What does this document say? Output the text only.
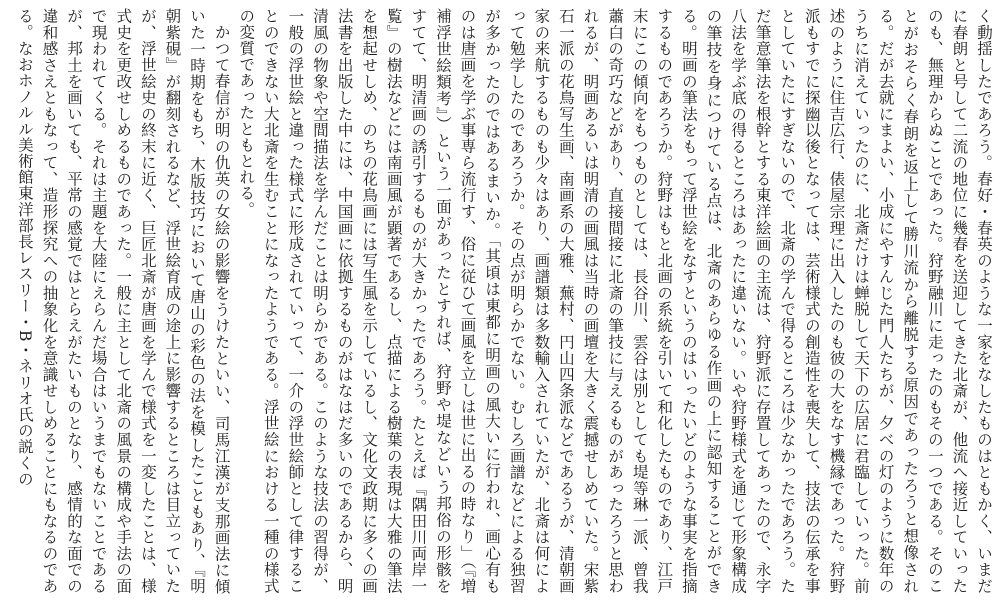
く動揺したであろう。春好・春英のような一家をなしたものはともかく、いまだに春朗と号して二流の地位に幾春を送迎してきた北斎が、他流へ接近していったのも、無理からぬことであった。狩野融川に走ったのもその一つである。そのことがおそらく春朗を返上して勝川流から離脱する原因であったろうと想像される。だが去就にまよい、小成にやすんじた門人たちが、夕べの灯のように数年のうちに消えていったのに、北斎だけは蝉脱して天下の広居に君臨していった。前述のように住吉広行、俵屋宗理に出入したのも彼の大をなす機縁であった。狩野派もすでに探幽以後となっては、芸術様式の創造性を喪失して、技法の伝承を事としていたにすぎないので、北斎の学んで得るところは少なかったであろう。ただ筆意筆法を根幹とする東洋絵画の主流は、狩野派に存置してあったので、永字八法を学ぶ底の得るところはあったに違いない。いや狩野様式を通じて形象構成の筆技を身につけている点は、北斎のあらゆる作画の上に認知することができる。明画の筆法をもって浮世絵をなすというのはいったいどのような事実を指摘するものであろうか。狩野はもと北画の系統を引いて和化したものであり、江戸末にこの傾向をもつものとしては、長谷川、雲谷は別としても堤等琳一派、曾我蕭白の奇巧などがあり、直接間接に北斎の筆技に与えるものがあったろうと思われるが、明画あるいは明清の画風は当時の画壇を大きく震撼せしめていた。宋紫石一派の花鳥写生画、南画系の大雅、蕪村、円山四条派などであるうが、清朝画家の来航するものも少々はあり、画譜類は多数輸入されていたが、北斎は何によって勉学したのであろうか。その点が明らかでない。むしろ画譜などによる独習が多かったのではあるまいか。「其頃は東都に明画の風大いに行われ、画心有ものは唐画を学ぶ事専ら流行す、俗に従ひて画風を立しは世に出るの時なり」（『増補浮世絵類考』）という一面があったとすれば、狩野や堤などいう邦俗の形骸をすてて、明清画の誘引するものが大きかったであろう。たとえば『隅田川両岸一覧』の樹法などには南画風が顕著であるし、点描による樹葉の表現は大雅の筆法を想起せしめ、のちの花鳥画には写生風を示しているし、文化文政期に多くの画法書を出版した中には、中国画に依拠するものがはなはだ多いのであるから、明清風の物象や空間描法を学んだことは明らかである。このような技法の習得が、一般の浮世絵と違った様式に形成されていって、一介の浮世絵師として律することのできない大北斎を生むことになったようである。浮世絵における一種の様式の変質であったともとれる。

かつて春信が明の仇英の女絵の影響をうけたといい、司馬江漢が支那画法に傾いた一時期をもち、木版技巧において唐山の彩色の法を模したこともあり、『明朝紫硯』が翻刻されるなど、浮世絵育成の途上に影響するところは目立っていたが、浮世絵史の終末に近く、巨匠北斎が唐画を学んで様式を一変したことは、様式史を更改せしめるものであった。一般に主として北斎の風景の構成や手法の面で現われてくる。それは主題を大陸にえらんだ場合はいうまでもないことであるが、邦土を画いても、平常の感覚ではとらえがたいものとなり、感情的な面での違和感さえともなって、造形探究への抽象化を意識せしめることにもなるのである。なおホノルル美術館東洋部長レスリー・B・ネリオ氏の説くの
